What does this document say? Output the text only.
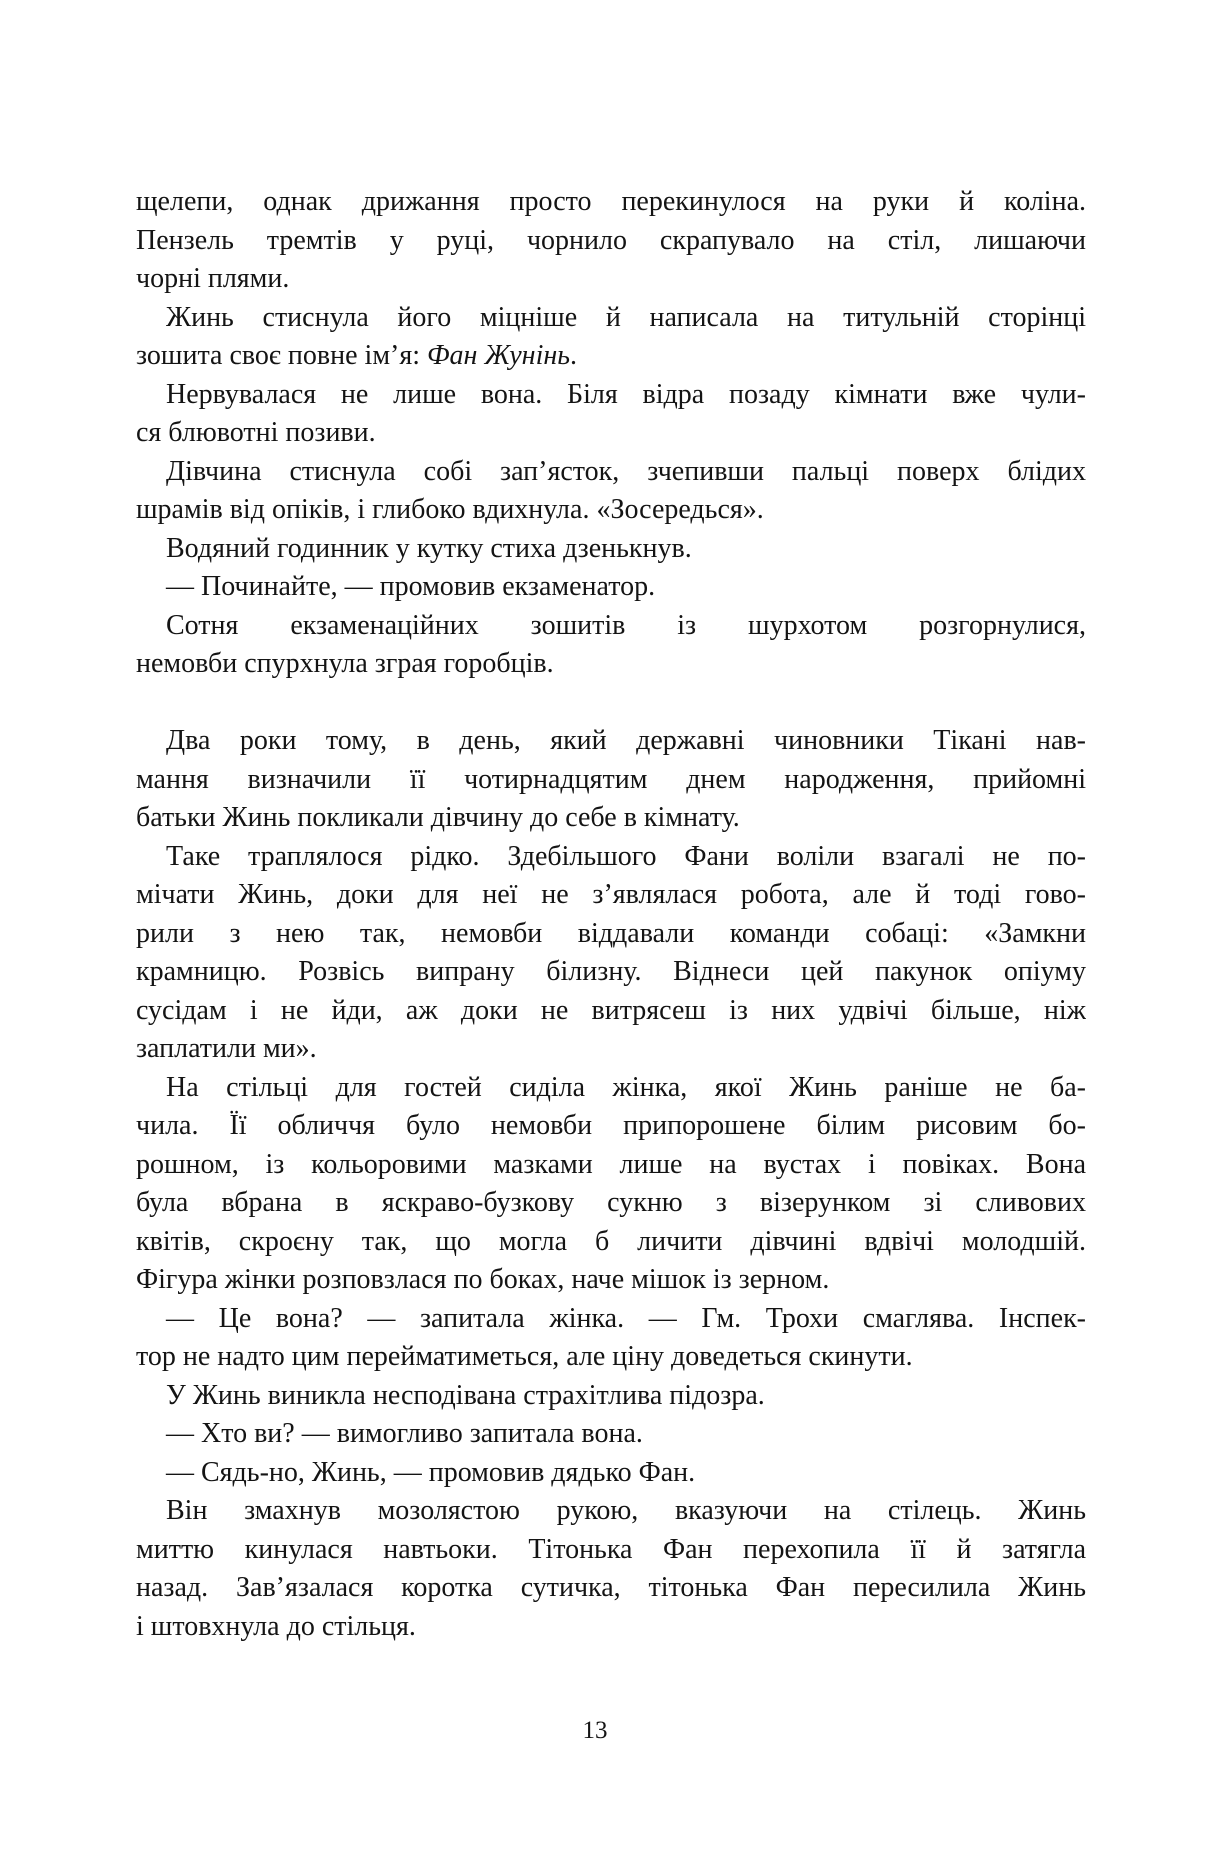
щелепи, однак дрижання просто перекинулося на руки й коліна.
Пензель тремтів у руці, чорнило скрапувало на стіл, лишаючи
чорні плями.
Жинь стиснула його міцніше й написала на титульній сторінці
зошита своє повне ім’я: Фан Жунінь.
Нервувалася не лише вона. Біля відра позаду кімнати вже чули-
ся блювотні позиви.
Дівчина стиснула собі зап’ясток, зчепивши пальці поверх блідих
шрамів від опіків, і глибоко вдихнула. «Зосередься».
Водяний годинник у кутку стиха дзенькнув.
— Починайте, — промовив екзаменатор.
Сотня екзаменаційних зошитів із шурхотом розгорнулися,
немовби спурхнула зграя горобців.
Два роки тому, в день, який державні чиновники Тікані нав-
мання визначили її чотирнадцятим днем народження, прийомні
батьки Жинь покликали дівчину до себе в кімнату.
Таке траплялося рідко. Здебільшого Фани воліли взагалі не по-
мічати Жинь, доки для неї не з’являлася робота, але й тоді гово-
рили з нею так, немовби віддавали команди собаці: «Замкни
крамницю. Розвісь випрану білизну. Віднеси цей пакунок опіуму
сусідам і не йди, аж доки не витрясеш із них удвічі більше, ніж
заплатили ми».
На стільці для гостей сиділа жінка, якої Жинь раніше не ба-
чила. Її обличчя було немовби припорошене білим рисовим бо-
рошном, із кольоровими мазками лише на вустах і повіках. Вона
була вбрана в яскраво-бузкову сукню з візерунком зі сливових
квітів, скроєну так, що могла б личити дівчині вдвічі молодшій.
Фігура жінки розповзлася по боках, наче мішок із зерном.
— Це вона? — запитала жінка. — Гм. Трохи смаглява. Інспек-
тор не надто цим перейматиметься, але ціну доведеться скинути.
У Жинь виникла несподівана страхітлива підозра.
— Хто ви? — вимогливо запитала вона.
— Сядь-но, Жинь, — промовив дядько Фан.
Він змахнув мозолястою рукою, вказуючи на стілець. Жинь
миттю кинулася навтьоки. Тітонька Фан перехопила її й затягла
назад. Зав’язалася коротка сутичка, тітонька Фан пересилила Жинь
і штовхнула до стільця.
13
